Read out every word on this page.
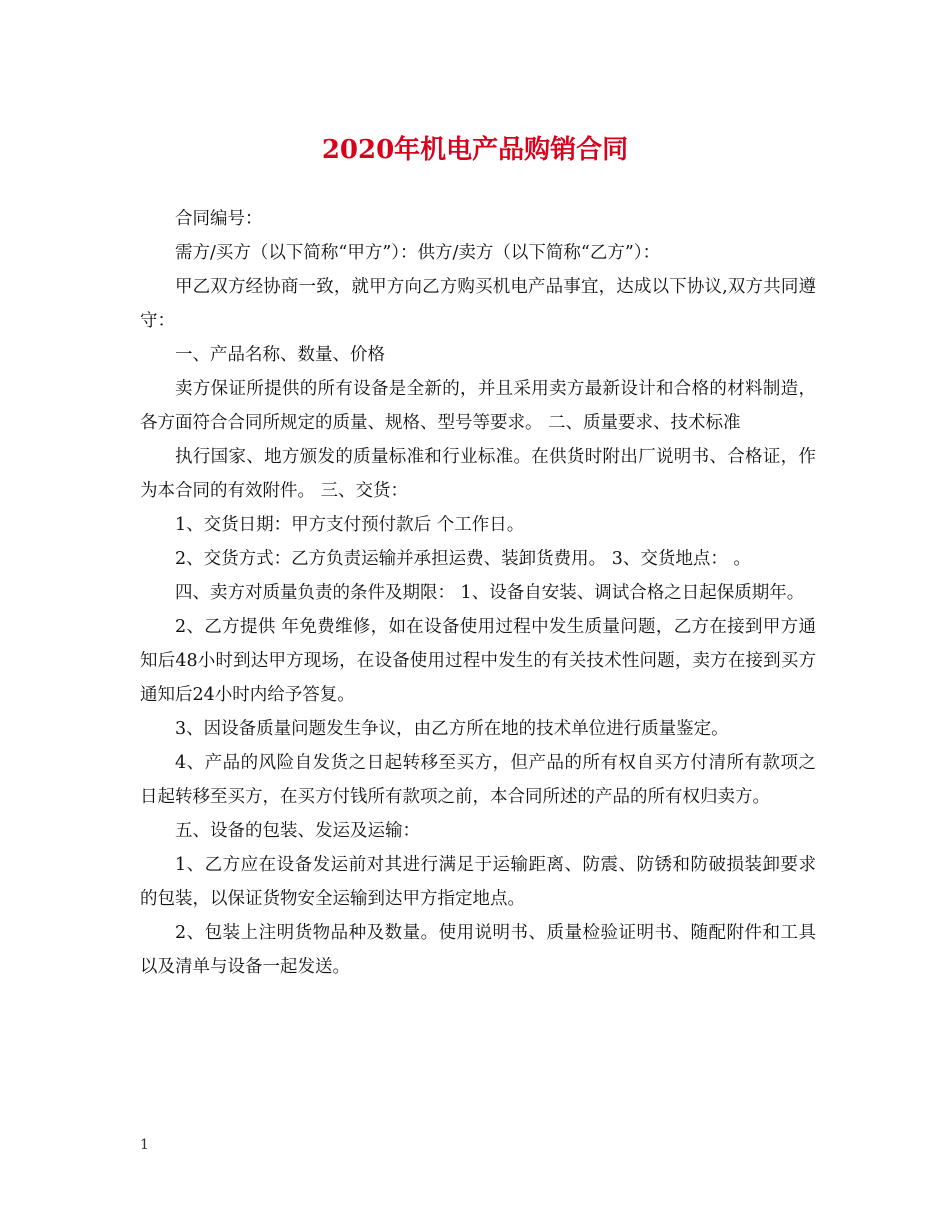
2020年机电产品购销合同

合同编号：

需方/买方（以下简称“甲方”）：供方/卖方（以下简称“乙方”）：

甲乙双方经协商一致，就甲方向乙方购买机电产品事宜，达成以下协议,双方共同遵守：

一、产品名称、数量、价格

卖方保证所提供的所有设备是全新的，并且采用卖方最新设计和合格的材料制造，各方面符合合同所规定的质量、规格、型号等要求。 二、质量要求、技术标准

执行国家、地方颁发的质量标准和行业标准。在供货时附出厂说明书、合格证，作为本合同的有效附件。 三、交货：

1、交货日期：甲方支付预付款后 个工作日。

2、交货方式：乙方负责运输并承担运费、装卸货费用。 3、交货地点： 。

四、卖方对质量负责的条件及期限： 1、设备自安装、调试合格之日起保质期年。

2、乙方提供 年免费维修，如在设备使用过程中发生质量问题，乙方在接到甲方通知后48小时到达甲方现场，在设备使用过程中发生的有关技术性问题，卖方在接到买方通知后24小时内给予答复。

3、因设备质量问题发生争议，由乙方所在地的技术单位进行质量鉴定。

4、产品的风险自发货之日起转移至买方，但产品的所有权自买方付清所有款项之日起转移至买方，在买方付钱所有款项之前，本合同所述的产品的所有权归卖方。

五、设备的包装、发运及运输：

1、乙方应在设备发运前对其进行满足于运输距离、防震、防锈和防破损装卸要求的包装，以保证货物安全运输到达甲方指定地点。

2、包装上注明货物品种及数量。使用说明书、质量检验证明书、随配附件和工具以及清单与设备一起发送。

1
